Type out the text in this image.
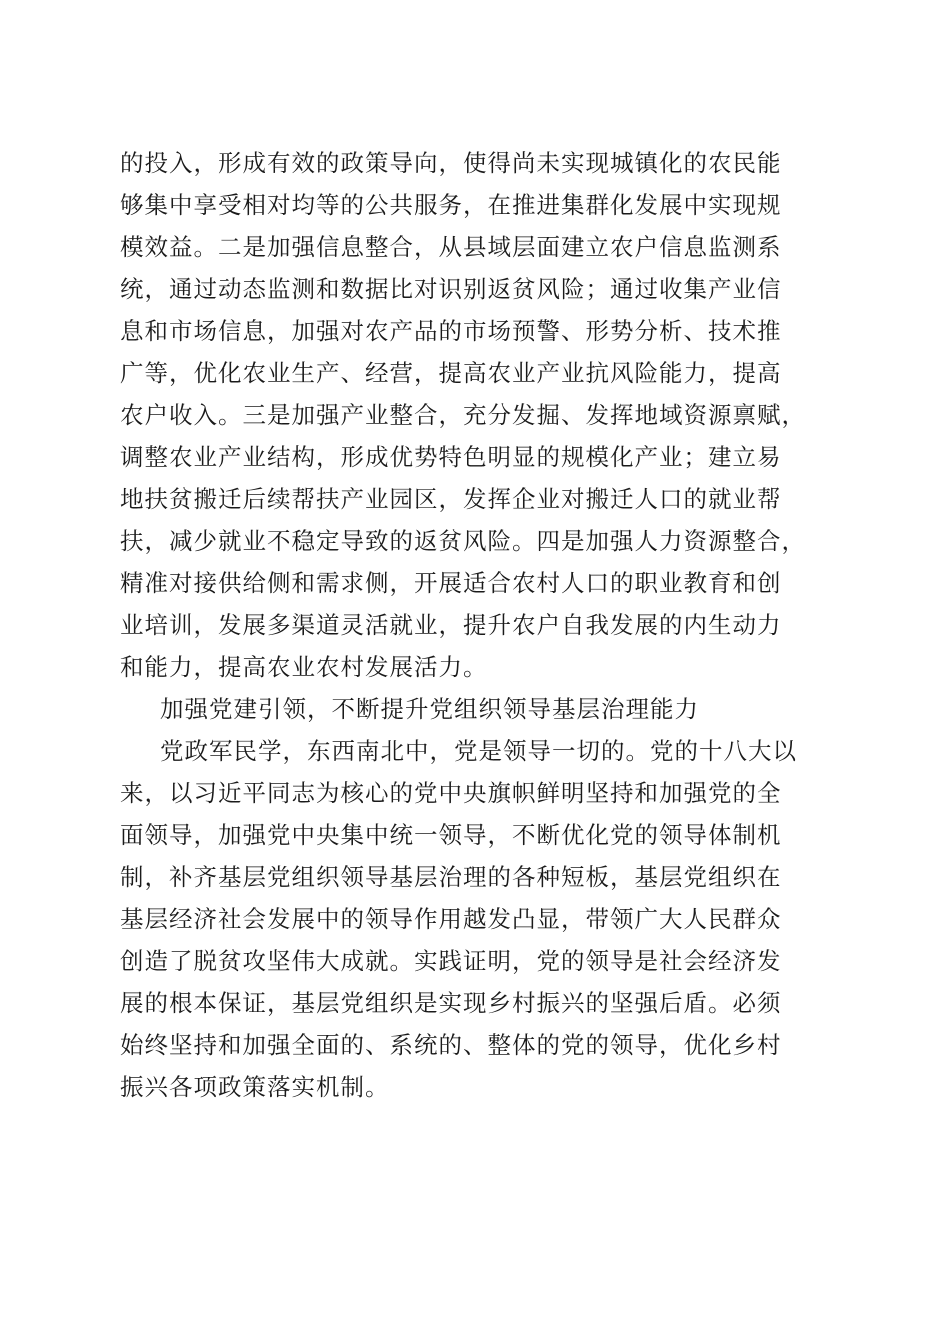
的投入，形成有效的政策导向，使得尚未实现城镇化的农民能

够集中享受相对均等的公共服务，在推进集群化发展中实现规

模效益。二是加强信息整合，从县域层面建立农户信息监测系

统，通过动态监测和数据比对识别返贫风险；通过收集产业信

息和市场信息，加强对农产品的市场预警、形势分析、技术推

广等，优化农业生产、经营，提高农业产业抗风险能力，提高

农户收入。三是加强产业整合，充分发掘、发挥地域资源禀赋，

调整农业产业结构，形成优势特色明显的规模化产业；建立易

地扶贫搬迁后续帮扶产业园区，发挥企业对搬迁人口的就业帮

扶，减少就业不稳定导致的返贫风险。四是加强人力资源整合，

精准对接供给侧和需求侧，开展适合农村人口的职业教育和创

业培训，发展多渠道灵活就业，提升农户自我发展的内生动力

和能力，提高农业农村发展活力。

加强党建引领，不断提升党组织领导基层治理能力

党政军民学，东西南北中，党是领导一切的。党的十八大以

来，以习近平同志为核心的党中央旗帜鲜明坚持和加强党的全

面领导，加强党中央集中统一领导，不断优化党的领导体制机

制，补齐基层党组织领导基层治理的各种短板，基层党组织在

基层经济社会发展中的领导作用越发凸显，带领广大人民群众

创造了脱贫攻坚伟大成就。实践证明，党的领导是社会经济发

展的根本保证，基层党组织是实现乡村振兴的坚强后盾。必须

始终坚持和加强全面的、系统的、整体的党的领导，优化乡村

振兴各项政策落实机制。
